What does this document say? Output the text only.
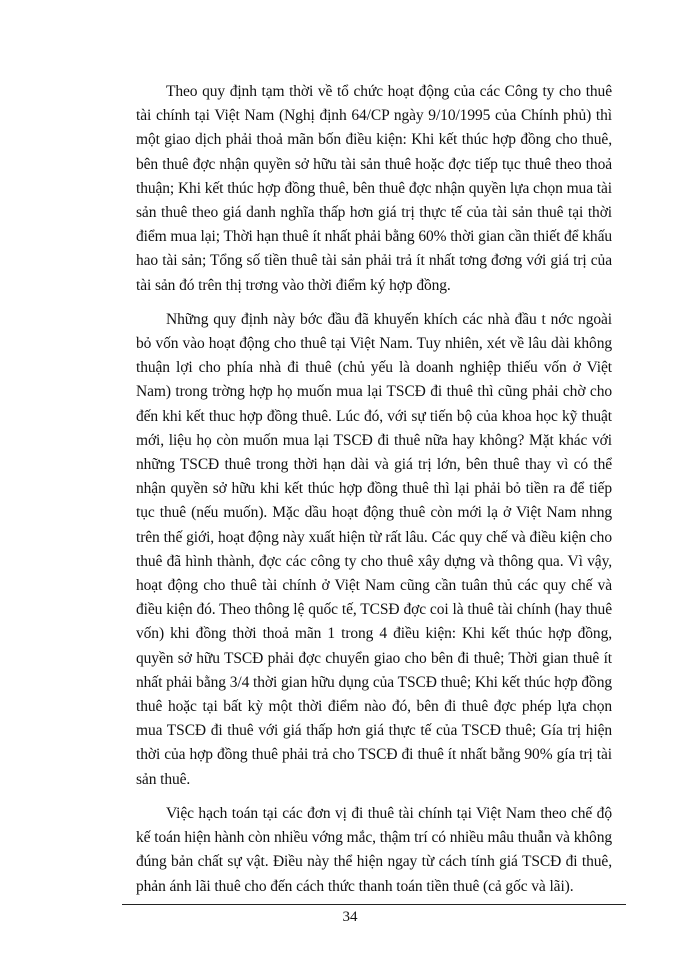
Theo quy định tạm thời về tổ chức hoạt động của các Công ty cho thuê tài chính tại Việt Nam (Nghị định 64/CP ngày 9/10/1995 của Chính phủ) thì một giao dịch phải thoả mãn bốn điều kiện: Khi kết thúc hợp đồng cho thuê, bên thuê đợc nhận quyền sở hữu tài sản thuê hoặc đợc tiếp tục thuê theo thoả thuận; Khi kết thúc hợp đồng thuê, bên thuê đợc nhận quyền lựa chọn mua tài sản thuê theo giá danh nghĩa thấp hơn giá trị thực tế của tài sản thuê tại thời điểm mua lại; Thời hạn thuê ít nhất phải bằng 60% thời gian cần thiết để khấu hao tài sản; Tổng số tiền thuê tài sản phải trả ít nhất tơng đơng với giá trị của tài sản đó trên thị trơng vào thời điểm ký hợp đồng.

Những quy định này bớc đầu đã khuyến khích các nhà đầu t nớc ngoài bỏ vốn vào hoạt động cho thuê tại Việt Nam. Tuy nhiên, xét về lâu dài không thuận lợi cho phía nhà đi thuê (chủ yếu là doanh nghiệp thiếu vốn ở Việt Nam) trong trờng hợp họ muốn mua lại TSCĐ đi thuê thì cũng phải chờ cho đến khi kết thuc hợp đồng thuê. Lúc đó, với sự tiến bộ của khoa học kỹ thuật mới, liệu họ còn muốn mua lại TSCĐ đi thuê nữa hay không? Mặt khác với những TSCĐ thuê trong thời hạn dài và giá trị lớn, bên thuê thay vì có thể nhận quyền sở hữu khi kết thúc hợp đồng thuê thì lại phải bỏ tiền ra để tiếp tục thuê (nếu muốn). Mặc dầu hoạt động thuê còn mới lạ ở Việt Nam nhng trên thế giới, hoạt động này xuất hiện từ rất lâu. Các quy chế và điều kiện cho thuê đã hình thành, đợc các công ty cho thuê xây dựng và thông qua. Vì vậy, hoạt động cho thuê tài chính ở Việt Nam cũng cần tuân thủ các quy chế và điều kiện đó. Theo thông lệ quốc tế, TCSĐ đợc coi là thuê tài chính (hay thuê vốn) khi đồng thời thoả mãn 1 trong 4 điều kiện: Khi kết thúc hợp đồng, quyền sở hữu TSCĐ phải đợc chuyển giao cho bên đi thuê; Thời gian thuê ít nhất phải bằng 3/4 thời gian hữu dụng của TSCĐ thuê; Khi kết thúc hợp đồng thuê hoặc tại bất kỳ một thời điểm nào đó, bên đi thuê đợc phép lựa chọn mua TSCĐ đi thuê với giá thấp hơn giá thực tế của TSCĐ thuê; Gía trị hiện thời của hợp đồng thuê phải trả cho TSCĐ đi thuê ít nhất bằng 90% gía trị tài sản thuê.

Việc hạch toán tại các đơn vị đi thuê tài chính tại Việt Nam theo chế độ kế toán hiện hành còn nhiều vớng mắc, thậm trí có nhiều mâu thuẫn và không đúng bản chất sự vật. Điều này thể hiện ngay từ cách tính giá TSCĐ đi thuê, phản ánh lãi thuê cho đến cách thức thanh toán tiền thuê (cả gốc và lãi).

34
